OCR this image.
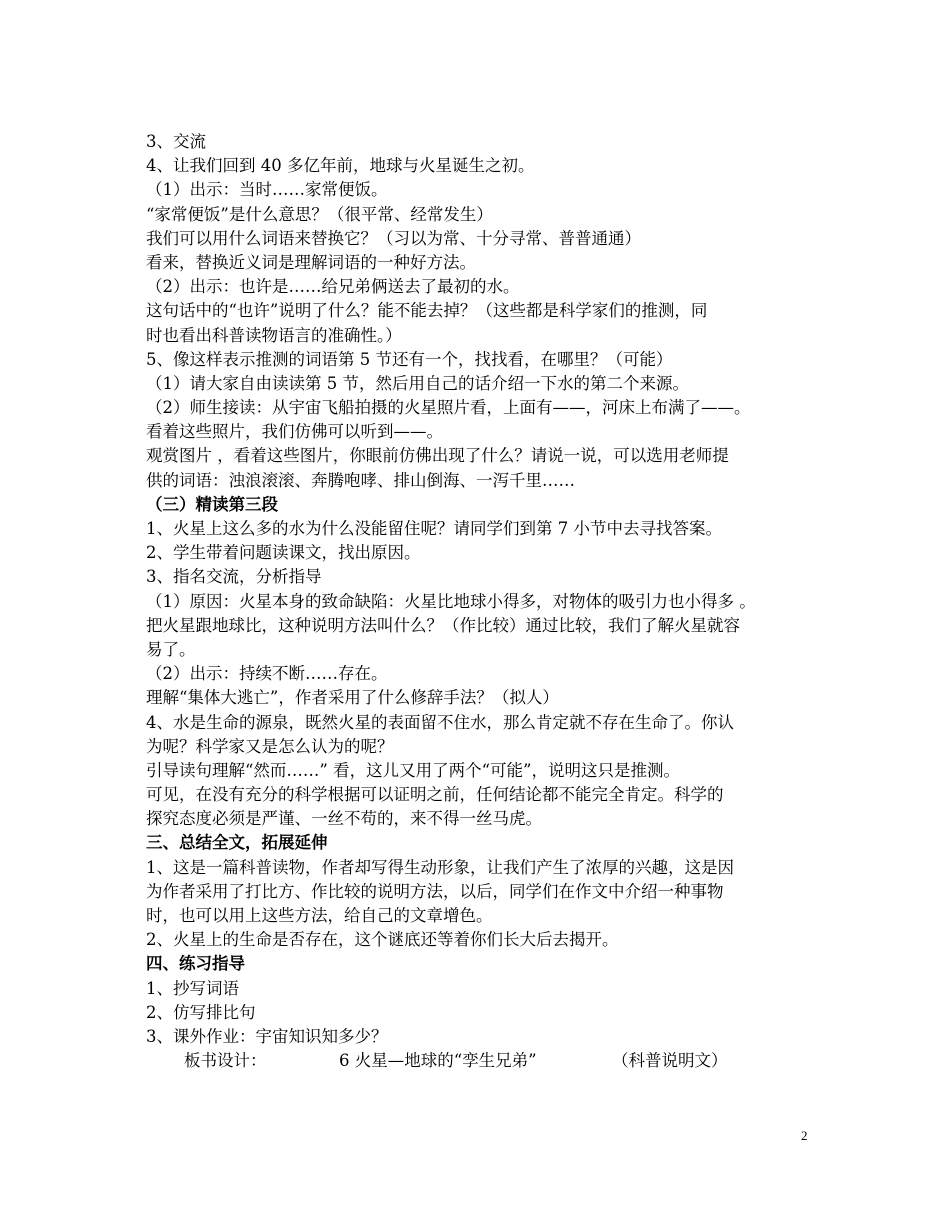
3、交流
4、让我们回到 40 多亿年前，地球与火星诞生之初。
（1）出示：当时……家常便饭。
“家常便饭”是什么意思？（很平常、经常发生）
我们可以用什么词语来替换它？（习以为常、十分寻常、普普通通）
看来，替换近义词是理解词语的一种好方法。
（2）出示：也许是……给兄弟俩送去了最初的水。
这句话中的“也许”说明了什么？能不能去掉？（这些都是科学家们的推测，同
时也看出科普读物语言的准确性。）
5、像这样表示推测的词语第 5 节还有一个，找找看，在哪里？（可能）
（1）请大家自由读读第 5 节，然后用自己的话介绍一下水的第二个来源。
（2）师生接读：从宇宙飞船拍摄的火星照片看，上面有——，河床上布满了——。
看着这些照片，我们仿佛可以听到——。
观赏图片 ，看着这些图片，你眼前仿佛出现了什么？请说一说，可以选用老师提
供的词语：浊浪滚滚、奔腾咆哮、排山倒海、一泻千里……
（三）精读第三段
1、火星上这么多的水为什么没能留住呢？请同学们到第 7 小节中去寻找答案。
2、学生带着问题读课文，找出原因。
3、指名交流，分析指导
（1）原因：火星本身的致命缺陷：火星比地球小得多，对物体的吸引力也小得多 。
把火星跟地球比，这种说明方法叫什么？（作比较）通过比较，我们了解火星就容
易了。
（2）出示：持续不断……存在。
理解“集体大逃亡”，作者采用了什么修辞手法？（拟人）
4、水是生命的源泉，既然火星的表面留不住水，那么肯定就不存在生命了。你认
为呢？科学家又是怎么认为的呢？
引导读句理解“然而……” 看，这儿又用了两个“可能”，说明这只是推测。
可见，在没有充分的科学根据可以证明之前，任何结论都不能完全肯定。科学的
探究态度必须是严谨、一丝不苟的，来不得一丝马虎。
三、总结全文，拓展延伸
1、这是一篇科普读物，作者却写得生动形象，让我们产生了浓厚的兴趣，这是因
为作者采用了打比方、作比较的说明方法，以后，同学们在作文中介绍一种事物
时，也可以用上这些方法，给自己的文章增色。
2、火星上的生命是否存在，这个谜底还等着你们长大后去揭开。
四、练习指导
1、抄写词语
2、仿写排比句
3、课外作业：宇宙知识知多少？
板书设计：	6 火星—地球的“孪生兄弟”	（科普说明文）
2
